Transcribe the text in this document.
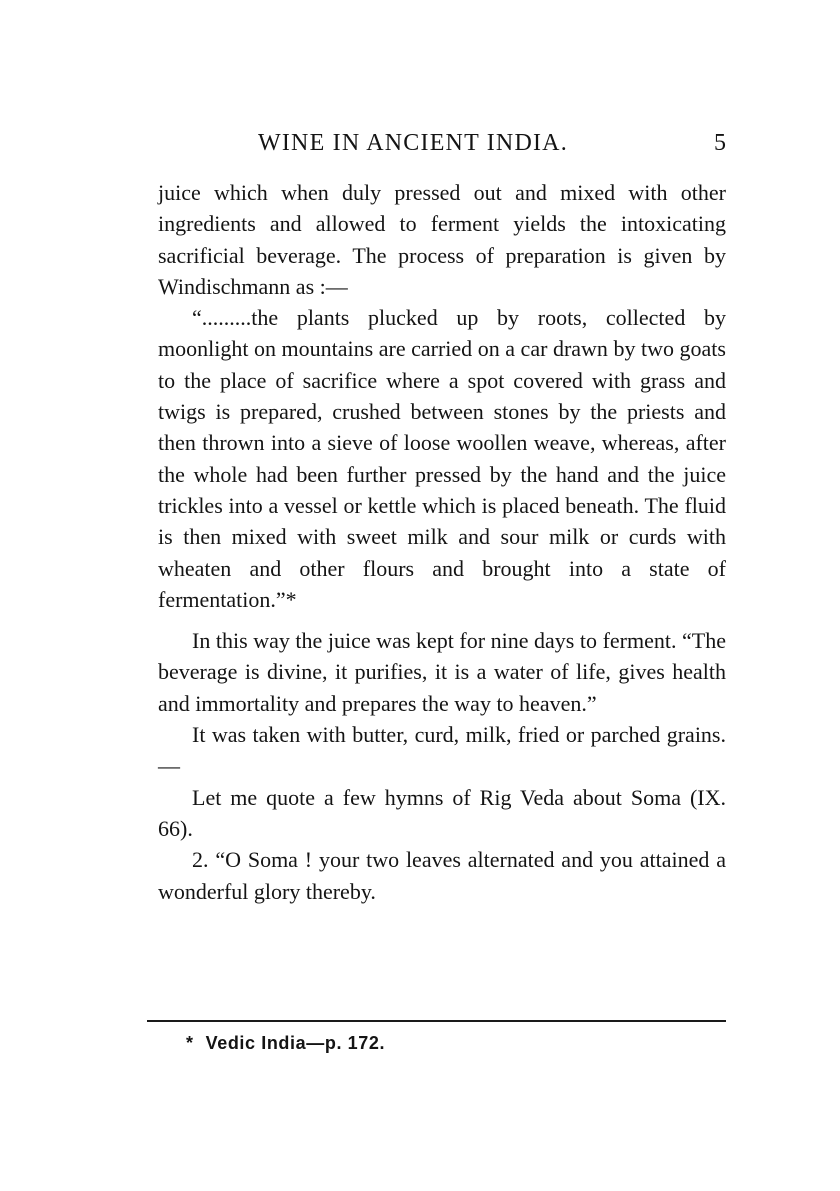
WINE IN ANCIENT INDIA.	5

juice which when duly pressed out and mixed with other ingredients and allowed to ferment yields the intoxicating sacrificial beverage. The process of preparation is given by Windischmann as :—

“.........the plants plucked up by roots, collected by moonlight on mountains are carried on a car drawn by two goats to the place of sacrifice where a spot covered with grass and twigs is prepared, crushed between stones by the priests and then thrown into a sieve of loose woollen weave, whereas, after the whole had been further pressed by the hand and the juice trickles into a vessel or kettle which is placed beneath. The fluid is then mixed with sweet milk and sour milk or curds with wheaten and other flours and brought into a state of fermentation.”*

In this way the juice was kept for nine days to ferment. “The beverage is divine, it purifies, it is a water of life, gives health and immortality and prepares the way to heaven.”

It was taken with butter, curd, milk, fried or parched grains.—

Let me quote a few hymns of Rig Veda about Soma (IX. 66).

2. “O Soma ! your two leaves alternated and you attained a wonderful glory thereby.

* Vedic India—p. 172.
